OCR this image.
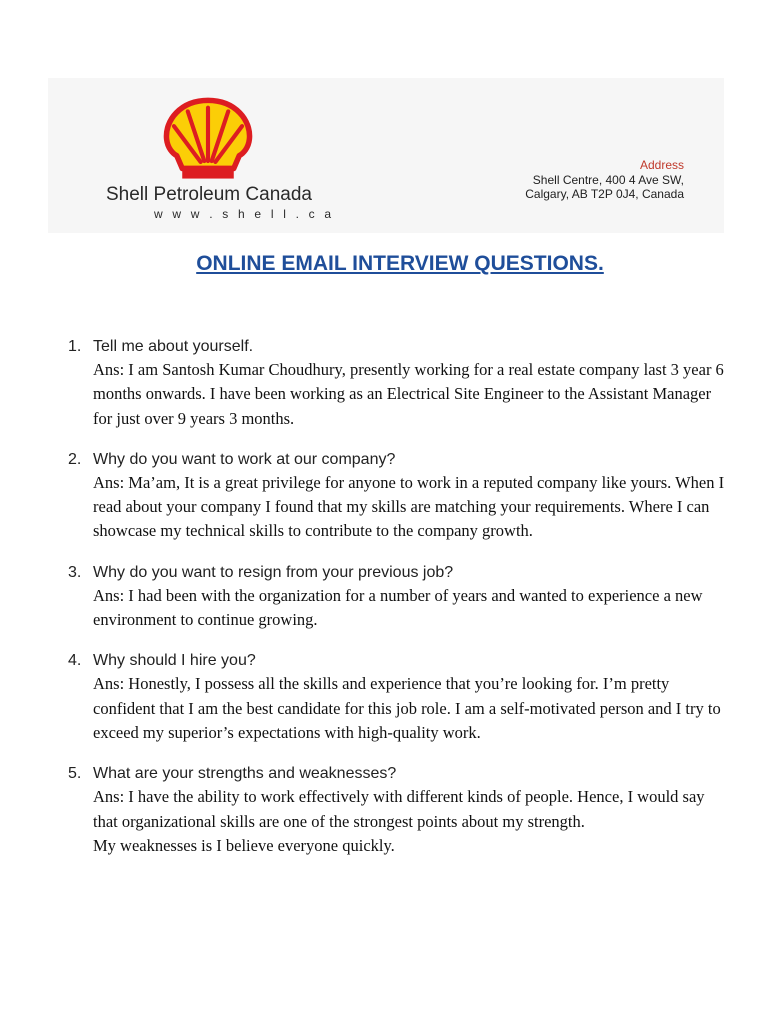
Shell Petroleum Canada
w w w . s h e l l . c a
Address
Shell Centre, 400 4 Ave SW,
Calgary, AB T2P 0J4, Canada
ONLINE EMAIL INTERVIEW QUESTIONS.
1. Tell me about yourself.

Ans: I am Santosh Kumar Choudhury, presently working for a real estate company last 3 year 6 months onwards. I have been working as an Electrical Site Engineer to the Assistant Manager for just over 9 years 3 months.

2. Why do you want to work at our company?

Ans: Ma’am, It is a great privilege for anyone to work in a reputed company like yours. When I read about your company I found that my skills are matching your requirements. Where I can showcase my technical skills to contribute to the company growth.

3. Why do you want to resign from your previous job?

Ans: I had been with the organization for a number of years and wanted to experience a new environment to continue growing.

4. Why should I hire you?

Ans: Honestly, I possess all the skills and experience that you’re looking for. I’m pretty confident that I am the best candidate for this job role. I am a self-motivated person and I try to exceed my superior’s expectations with high-quality work.

5. What are your strengths and weaknesses?

Ans: I have the ability to work effectively with different kinds of people. Hence, I would say that organizational skills are one of the strongest points about my strength.

My weaknesses is I believe everyone quickly.
